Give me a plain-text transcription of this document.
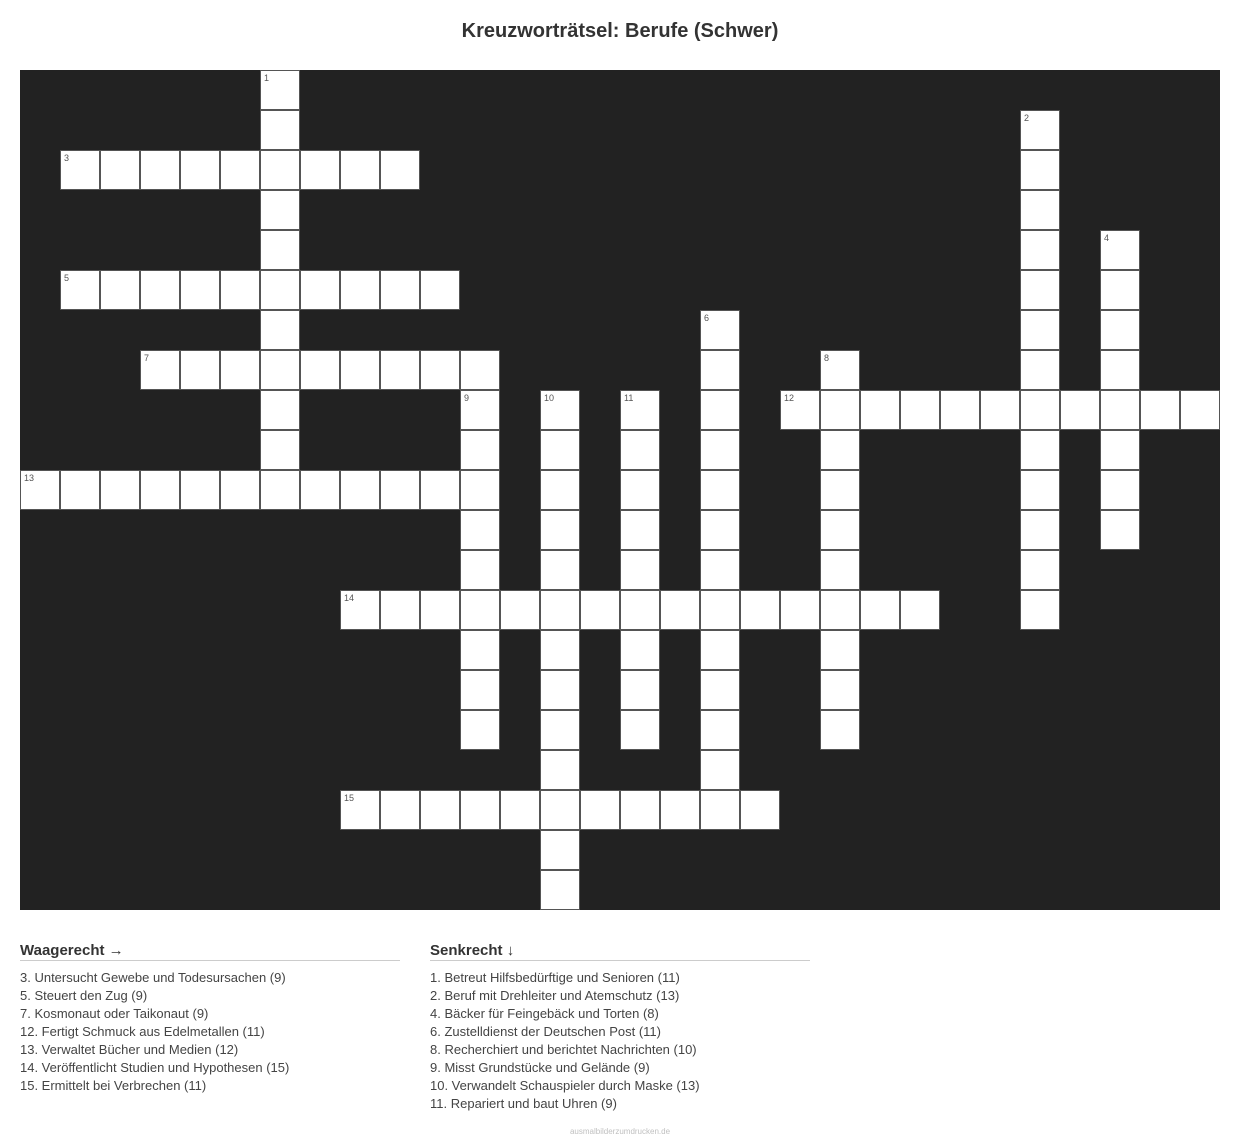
Kreuzworträtsel: Berufe (Schwer)
1
2
3
4
5
6
7	8
9	10	11	12
13
14
15
Waagerecht →
3. Untersucht Gewebe und Todesursachen (9)
5. Steuert den Zug (9)
7. Kosmonaut oder Taikonaut (9)
12. Fertigt Schmuck aus Edelmetallen (11)
13. Verwaltet Bücher und Medien (12)
14. Veröffentlicht Studien und Hypothesen (15)
15. Ermittelt bei Verbrechen (11)
Senkrecht ↓
1. Betreut Hilfsbedürftige und Senioren (11)
2. Beruf mit Drehleiter und Atemschutz (13)
4. Bäcker für Feingebäck und Torten (8)
6. Zustelldienst der Deutschen Post (11)
8. Recherchiert und berichtet Nachrichten (10)
9. Misst Grundstücke und Gelände (9)
10. Verwandelt Schauspieler durch Maske (13)
11. Repariert und baut Uhren (9)
ausmalbilderzumdrucken.de
